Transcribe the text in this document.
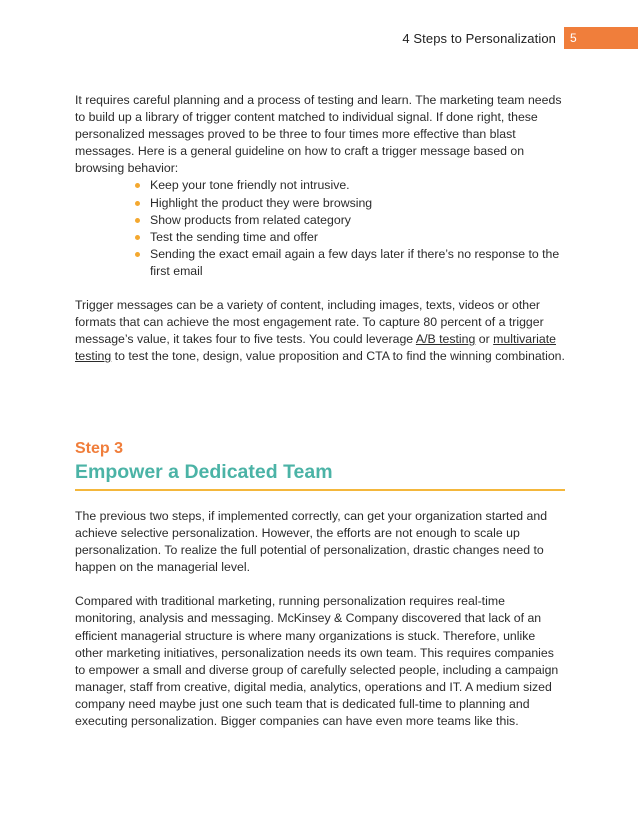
4 Steps to Personalization	5

It requires careful planning and a process of testing and learn. The marketing team needs to build up a library of trigger content matched to individual signal. If done right, these personalized messages proved to be three to four times more effective than blast messages. Here is a general guideline on how to craft a trigger message based on browsing behavior:

Keep your tone friendly not intrusive.
Highlight the product they were browsing
Show products from related category
Test the sending time and offer
Sending the exact email again a few days later if there’s no response to the first email

Trigger messages can be a variety of content, including images, texts, videos or other formats that can achieve the most engagement rate. To capture 80 percent of a trigger message’s value, it takes four to five tests. You could leverage A/B testing or multivariate testing to test the tone, design, value proposition and CTA to find the winning combination.

Step 3
Empower a Dedicated Team

The previous two steps, if implemented correctly, can get your organization started and achieve selective personalization. However, the efforts are not enough to scale up personalization. To realize the full potential of personalization, drastic changes need to happen on the managerial level.

Compared with traditional marketing, running personalization requires real-time monitoring, analysis and messaging. McKinsey & Company discovered that lack of an efficient managerial structure is where many organizations is stuck. Therefore, unlike other marketing initiatives, personalization needs its own team. This requires companies to empower a small and diverse group of carefully selected people, including a campaign manager, staff from creative, digital media, analytics, operations and IT. A medium sized company need maybe just one such team that is dedicated full-time to planning and executing personalization. Bigger companies can have even more teams like this.
